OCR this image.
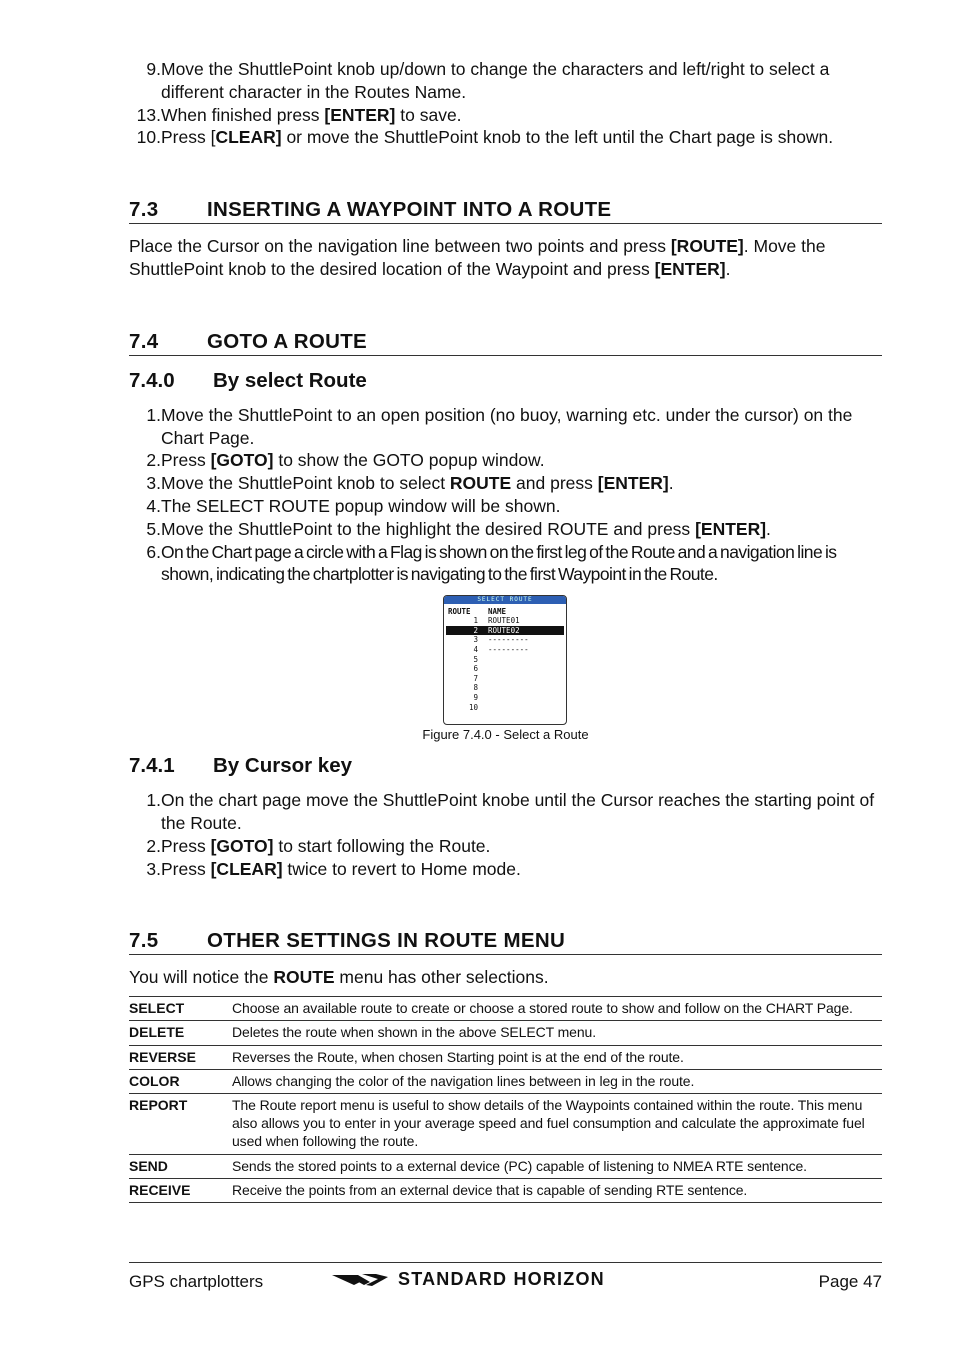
9. Move the ShuttlePoint knob up/down to change the characters and left/right to select a different character in the Routes Name.
13. When finished press [ENTER] to save.
10. Press [CLEAR] or move the ShuttlePoint knob to the left until the Chart page is shown.
7.3 INSERTING A WAYPOINT INTO A ROUTE

Place the Cursor on the navigation line between two points and press [ROUTE]. Move the ShuttlePoint knob to the desired location of the Waypoint and press [ENTER].

7.4 GOTO A ROUTE
7.4.0 By select Route
1. Move the ShuttlePoint to an open position (no buoy, warning etc. under the cursor) on the Chart Page.
2. Press [GOTO] to show the GOTO popup window.
3. Move the ShuttlePoint knob to select ROUTE and press [ENTER].
4. The SELECT ROUTE popup window will be shown.
5. Move the ShuttlePoint to the highlight the desired ROUTE and press [ENTER].
6. On the Chart page a circle with a Flag is shown on the first leg of the Route and a navigation line is shown, indicating the chartplotter is navigating to the first Waypoint in the Route.
SELECT ROUTE
ROUTE	NAME
1	ROUTE01
2	ROUTE02
3	---------
4	---------
5
6
7
8
9
10
Figure 7.4.0 - Select a Route
7.4.1 By Cursor key
1. On the chart page move the ShuttlePoint knobe until the Cursor reaches the starting point of the Route.
2. Press [GOTO] to start following the Route.
3. Press [CLEAR] twice to revert to Home mode.
7.5 OTHER SETTINGS IN ROUTE MENU

You will notice the ROUTE menu has other selections.

SELECT	Choose an available route to create or choose a stored route to show and follow on the CHART Page.
DELETE	Deletes the route when shown in the above SELECT menu.
REVERSE	Reverses the Route, when chosen Starting point is at the end of the route.
COLOR	Allows changing the color of the navigation lines between in leg in the route.
REPORT	The Route report menu is useful to show details of the Waypoints contained within the route. This menu also allows you to enter in your average speed and fuel consumption and calculate the approximate fuel used when following the route.
SEND	Sends the stored points to a external device (PC) capable of listening to NMEA RTE sentence.
RECEIVE	Receive the points from an external device that is capable of sending RTE sentence.
GPS chartplotters	STANDARD HORIZON	Page 47
